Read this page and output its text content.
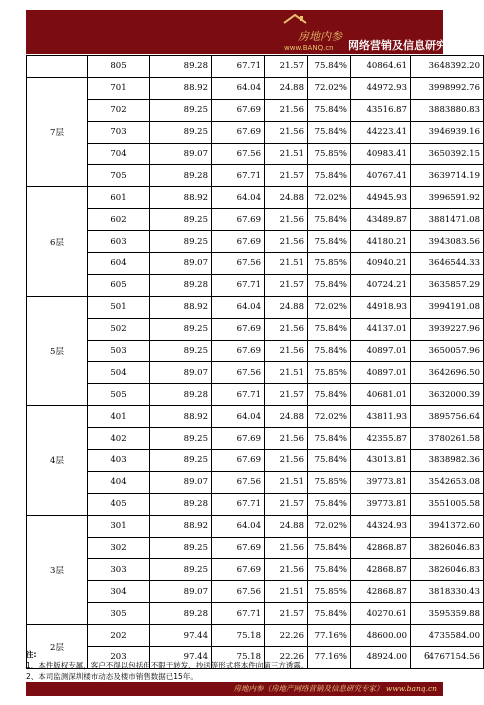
房地内参
www.BANQ.cn 网络营销及信息研究专家
	805	89.28	67.71	21.57	75.84%	40864.61	3648392.20
7层	701	88.92	64.04	24.88	72.02%	44972.93	3998992.76
	702	89.25	67.69	21.56	75.84%	43516.87	3883880.83
	703	89.25	67.69	21.56	75.84%	44223.41	3946939.16
	704	89.07	67.56	21.51	75.85%	40983.41	3650392.15
	705	89.28	67.71	21.57	75.84%	40767.41	3639714.19
6层	601	88.92	64.04	24.88	72.02%	44945.93	3996591.92
	602	89.25	67.69	21.56	75.84%	43489.87	3881471.08
	603	89.25	67.69	21.56	75.84%	44180.21	3943083.56
	604	89.07	67.56	21.51	75.85%	40940.21	3646544.33
	605	89.28	67.71	21.57	75.84%	40724.21	3635857.29
5层	501	88.92	64.04	24.88	72.02%	44918.93	3994191.08
	502	89.25	67.69	21.56	75.84%	44137.01	3939227.96
	503	89.25	67.69	21.56	75.84%	40897.01	3650057.96
	504	89.07	67.56	21.51	75.85%	40897.01	3642696.50
	505	89.28	67.71	21.57	75.84%	40681.01	3632000.39
4层	401	88.92	64.04	24.88	72.02%	43811.93	3895756.64
	402	89.25	67.69	21.56	75.84%	42355.87	3780261.58
	403	89.25	67.69	21.56	75.84%	43013.81	3838982.36
	404	89.07	67.56	21.51	75.85%	39773.81	3542653.08
	405	89.28	67.71	21.57	75.84%	39773.81	3551005.58
3层	301	88.92	64.04	24.88	72.02%	44324.93	3941372.60
	302	89.25	67.69	21.56	75.84%	42868.87	3826046.83
	303	89.25	67.69	21.56	75.84%	42868.87	3826046.83
	304	89.07	67.56	21.51	75.85%	42868.87	3818330.43
	305	89.28	67.71	21.57	75.84%	40270.61	3595359.88
2层	202	97.44	75.18	22.26	77.16%	48600.00	4735584.00
	203	97.44	75.18	22.26	77.16%	48924.00	4767154.56
注:
1、本件版权专属，客户不得以包括但不限于转发、抄送等形式将本件向第三方透露。
2、本司监测深圳楼市动态及楼市销售数据已15年。
6
房地内参（房地产网络营销及信息研究专家） www.banq.cn
